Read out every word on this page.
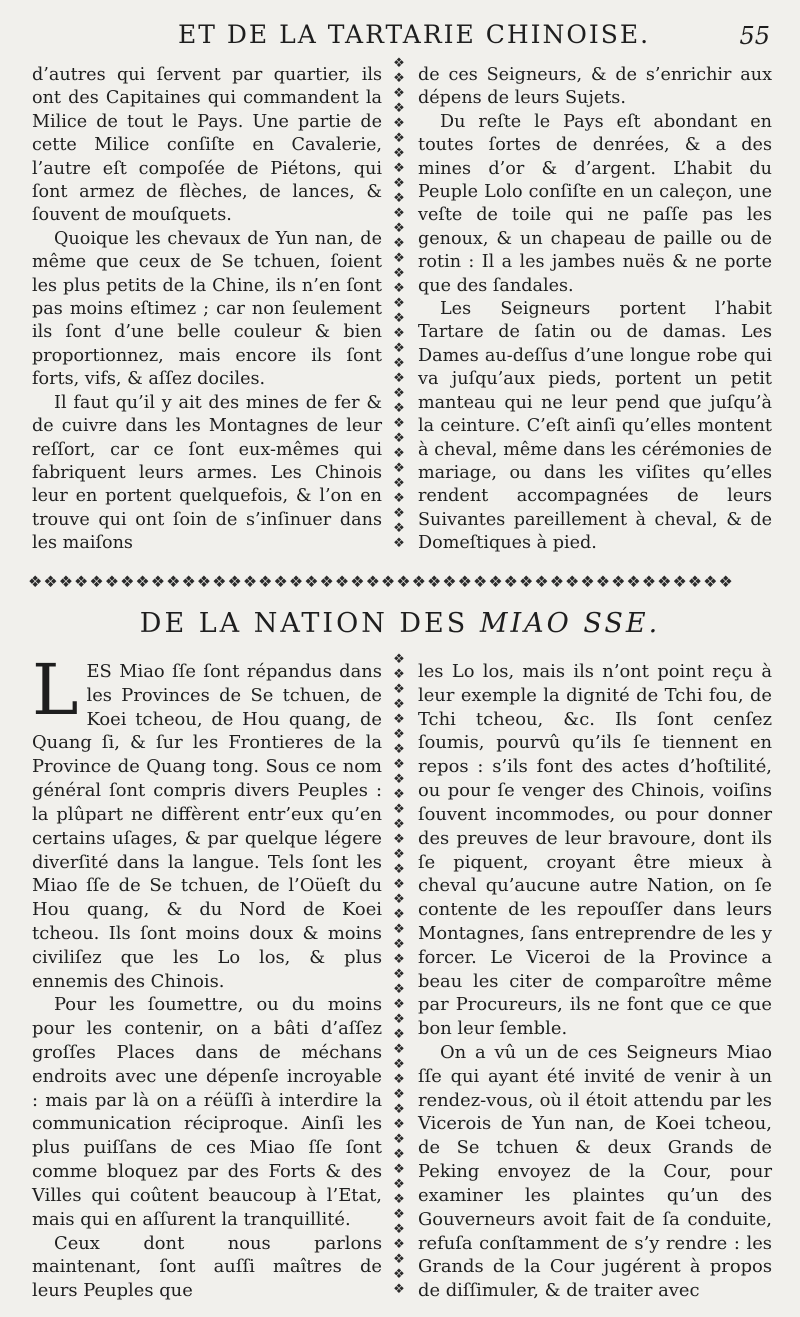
ET DE LA TARTARIE CHINOISE.	55

d’autres qui ſervent par quartier, ils ont des Capitaines qui commandent la Milice de tout le Pays. Une partie de cette Milice conſiſte en Cavalerie, l’autre eſt compoſée de Piétons, qui ſont armez de flèches, de lances, & ſouvent de mouſquets.

Quoique les chevaux de Yun nan, de même que ceux de Se tchuen, ſoient les plus petits de la Chine, ils n’en ſont pas moins eſtimez ; car non ſeulement ils ſont d’une belle couleur & bien proportionnez, mais encore ils ſont forts, vifs, & aſſez dociles.

Il faut qu’il y ait des mines de fer & de cuivre dans les Montagnes de leur reſſort, car ce ſont eux-mêmes qui fabriquent leurs armes. Les Chinois leur en portent quelquefois, & l’on en trouve qui ont ſoin de s’inſinuer dans les maiſons

❖
❖
❖
❖
❖
❖
❖
❖
❖
❖
❖
❖
❖
❖
❖
❖
❖
❖
❖
❖
❖
❖
❖
❖
❖
❖
❖
❖
❖
❖
❖
❖
❖

de ces Seigneurs, & de s’enrichir aux dépens de leurs Sujets.

Du reſte le Pays eſt abondant en toutes ſortes de denrées, & a des mines d’or & d’argent. L’habit du Peuple Lolo conſiſte en un caleçon, une veſte de toile qui ne paſſe pas les genoux, & un chapeau de paille ou de rotin : Il a les jambes nuës & ne porte que des ſandales.

Les Seigneurs portent l’habit Tartare de ſatin ou de damas. Les Dames au-deſſus d’une longue robe qui va juſqu’aux pieds, portent un petit manteau qui ne leur pend que juſqu’à la ceinture. C’eſt ainſi qu’elles montent à cheval, même dans les cérémonies de mariage, ou dans les viſites qu’elles rendent accompagnées de leurs Suivantes pareillement à cheval, & de Domeſtiques à pied.

❖❖❖❖❖❖❖❖❖❖❖❖❖❖❖❖❖❖❖❖❖❖❖❖❖❖❖❖❖❖❖❖❖❖❖❖❖❖❖❖❖❖❖❖❖❖
DE LA NATION DES MIAO SSE.

LES Miao ſſe ſont répandus dans les Provinces de Se tchuen, de Koei tcheou, de Hou quang, de Quang ſi, & ſur les Frontieres de la Province de Quang tong. Sous ce nom général ſont compris divers Peuples : la plûpart ne diffèrent entr’eux qu’en certains uſages, & par quelque légere diverſité dans la langue. Tels ſont les Miao ſſe de Se tchuen, de l’Oüeſt du Hou quang, & du Nord de Koei tcheou. Ils ſont moins doux & moins civiliſez que les Lo los, & plus ennemis des Chinois.

Pour les ſoumettre, ou du moins pour les contenir, on a bâti d’aſſez groſſes Places dans de méchans endroits avec une dépenſe incroyable : mais par là on a réüſſi à interdire la communication réciproque. Ainſi les plus puiſſans de ces Miao ſſe ſont comme bloquez par des Forts & des Villes qui coûtent beaucoup à l’Etat, mais qui en aſſurent la tranquillité.

Ceux dont nous parlons maintenant, ſont auſſi maîtres de leurs Peuples que

❖
❖
❖
❖
❖
❖
❖
❖
❖
❖
❖
❖
❖
❖
❖
❖
❖
❖
❖
❖
❖
❖
❖
❖
❖
❖
❖
❖
❖
❖
❖
❖
❖
❖
❖
❖
❖
❖
❖
❖
❖
❖
❖

les Lo los, mais ils n’ont point reçu à leur exemple la dignité de Tchi fou, de Tchi tcheou, &c. Ils ſont cenſez ſoumis, pourvû qu’ils ſe tiennent en repos : s’ils font des actes d’hoſtilité, ou pour ſe venger des Chinois, voiſins ſouvent incommodes, ou pour donner des preuves de leur bravoure, dont ils ſe piquent, croyant être mieux à cheval qu’aucune autre Nation, on ſe contente de les repouſſer dans leurs Montagnes, ſans entreprendre de les y forcer. Le Viceroi de la Province a beau les citer de comparoître même par Procureurs, ils ne font que ce que bon leur ſemble.

On a vû un de ces Seigneurs Miao ſſe qui ayant été invité de venir à un rendez-vous, où il étoit attendu par les Vicerois de Yun nan, de Koei tcheou, de Se tchuen & deux Grands de Peking envoyez de la Cour, pour examiner les plaintes qu’un des Gouverneurs avoit fait de ſa conduite, refuſa conſtamment de s’y rendre : les Grands de la Cour jugérent à propos de diſſimuler, & de traiter avec
